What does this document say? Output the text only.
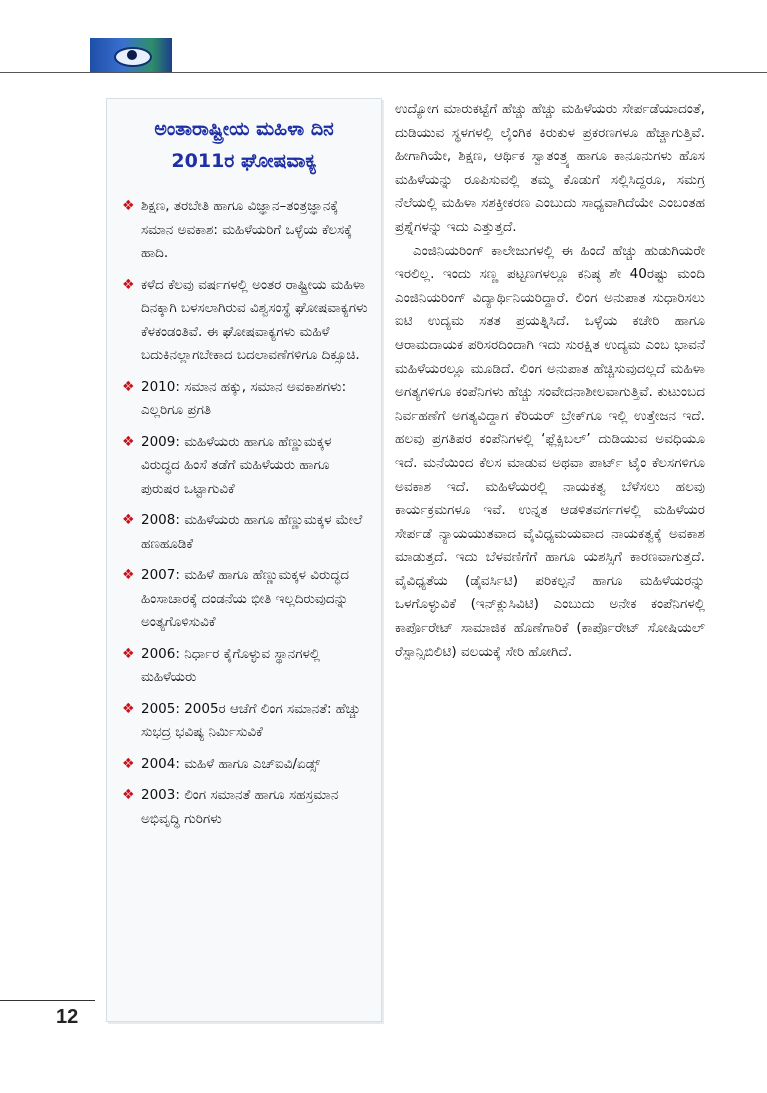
ಅಂತಾರಾಷ್ಟ್ರೀಯ ಮಹಿಳಾ ದಿನ
2011ರ ಘೋಷವಾಕ್ಯ
❖ ಶಿಕ್ಷಣ, ತರಬೇತಿ ಹಾಗೂ ವಿಜ್ಞಾನ–ತಂತ್ರಜ್ಞಾನಕ್ಕೆ ಸಮಾನ ಅವಕಾಶ: ಮಹಿಳೆಯರಿಗೆ ಒಳ್ಳೆಯ ಕೆಲಸಕ್ಕೆ ಹಾದಿ.
❖ ಕಳೆದ ಕೆಲವು ವರ್ಷಗಳಲ್ಲಿ ಅಂತರ ರಾಷ್ಟ್ರೀಯ ಮಹಿಳಾ ದಿನಕ್ಕಾಗಿ ಬಳಸಲಾಗಿರುವ ವಿಶ್ವಸಂಸ್ಥೆ ಘೋಷವಾಕ್ಯಗಳು ಕೆಳಕಂಡಂತಿವೆ. ಈ ಘೋಷವಾಕ್ಯಗಳು ಮಹಿಳೆ ಬದುಕಿನಲ್ಲಾಗಬೇಕಾದ ಬದಲಾವಣೆಗಳಿಗೂ ದಿಕ್ಸೂಚಿ.
❖ 2010: ಸಮಾನ ಹಕ್ಕು, ಸಮಾನ ಅವಕಾಶಗಳು: ಎಲ್ಲರಿಗೂ ಪ್ರಗತಿ
❖ 2009: ಮಹಿಳೆಯರು ಹಾಗೂ ಹೆಣ್ಣುಮಕ್ಕಳ ವಿರುದ್ಧದ ಹಿಂಸೆ ತಡೆಗೆ ಮಹಿಳೆಯರು ಹಾಗೂ ಪುರುಷರ ಒಟ್ಟಾಗುವಿಕೆ
❖ 2008: ಮಹಿಳೆಯರು ಹಾಗೂ ಹೆಣ್ಣುಮಕ್ಕಳ ಮೇಲೆ ಹಣಹೂಡಿಕೆ
❖ 2007: ಮಹಿಳೆ ಹಾಗೂ ಹೆಣ್ಣುಮಕ್ಕಳ ವಿರುದ್ಧದ ಹಿಂಸಾಚಾರಕ್ಕೆ ದಂಡನೆಯ ಭೀತಿ ಇಲ್ಲದಿರುವುದನ್ನು ಅಂತ್ಯಗೊಳಿಸುವಿಕೆ
❖ 2006: ನಿರ್ಧಾರ ಕೈಗೊಳ್ಳುವ ಸ್ಥಾನಗಳಲ್ಲಿ ಮಹಿಳೆಯರು
❖ 2005: 2005ರ ಆಚೆಗೆ ಲಿಂಗ ಸಮಾನತೆ: ಹೆಚ್ಚು ಸುಭದ್ರ ಭವಿಷ್ಯ ನಿರ್ಮಿಸುವಿಕೆ
❖ 2004: ಮಹಿಳೆ ಹಾಗೂ ಎಚ್‌ಐವಿ/ಏಡ್ಸ್
❖ 2003: ಲಿಂಗ ಸಮಾನತೆ ಹಾಗೂ ಸಹಸ್ರಮಾನ ಅಭಿವೃದ್ಧಿ ಗುರಿಗಳು

ಉದ್ಯೋಗ ಮಾರುಕಟ್ಟೆಗೆ ಹೆಚ್ಚು ಹೆಚ್ಚು ಮಹಿಳೆಯರು ಸೇರ್ಪಡೆಯಾದಂತೆ, ದುಡಿಯುವ ಸ್ಥಳಗಳಲ್ಲಿ ಲೈಂಗಿಕ ಕಿರುಕುಳ ಪ್ರಕರಣಗಳೂ ಹೆಚ್ಚಾಗುತ್ತಿವೆ. ಹೀಗಾಗಿಯೇ, ಶಿಕ್ಷಣ, ಆರ್ಥಿಕ ಸ್ವಾತಂತ್ರ್ಯ ಹಾಗೂ ಕಾನೂನುಗಳು ಹೊಸ ಮಹಿಳೆಯನ್ನು ರೂಪಿಸುವಲ್ಲಿ ತಮ್ಮ ಕೊಡುಗೆ ಸಲ್ಲಿಸಿದ್ದರೂ, ಸಮಗ್ರ ನೆಲೆಯಲ್ಲಿ ಮಹಿಳಾ ಸಶಕ್ತೀಕರಣ ಎಂಬುದು ಸಾಧ್ಯವಾಗಿದೆಯೇ ಎಂಬಂತಹ ಪ್ರಶ್ನೆಗಳನ್ನು ಇದು ಎತ್ತುತ್ತದೆ.

ಎಂಜಿನಿಯರಿಂಗ್ ಕಾಲೇಜುಗಳಲ್ಲಿ ಈ ಹಿಂದೆ ಹೆಚ್ಚು ಹುಡುಗಿಯರೇ ಇರಲಿಲ್ಲ. ಇಂದು ಸಣ್ಣ ಪಟ್ಟಣಗಳಲ್ಲೂ ಕನಿಷ್ಠ ಶೇ 40ರಷ್ಟು ಮಂದಿ ಎಂಜಿನಿಯರಿಂಗ್ ವಿದ್ಯಾರ್ಥಿನಿಯರಿದ್ದಾರೆ. ಲಿಂಗ ಅನುಪಾತ ಸುಧಾರಿಸಲು ಐಟಿ ಉದ್ಯಮ ಸತತ ಪ್ರಯತ್ನಿಸಿದೆ. ಒಳ್ಳೆಯ ಕಚೇರಿ ಹಾಗೂ ಆರಾಮದಾಯಕ ಪರಿಸರದಿಂದಾಗಿ ಇದು ಸುರಕ್ಷಿತ ಉದ್ಯಮ ಎಂಬ ಭಾವನೆ ಮಹಿಳೆಯರಲ್ಲೂ ಮೂಡಿದೆ. ಲಿಂಗ ಅನುಪಾತ ಹೆಚ್ಚಿಸುವುದಲ್ಲದೆ ಮಹಿಳಾ ಅಗತ್ಯಗಳಿಗೂ ಕಂಪೆನಿಗಳು ಹೆಚ್ಚು ಸಂವೇದನಾಶೀಲವಾಗುತ್ತಿವೆ. ಕುಟುಂಬದ ನಿರ್ವಹಣೆಗೆ ಅಗತ್ಯವಿದ್ದಾಗ ಕೆರಿಯರ್ ಬ್ರೇಕ್‌ಗೂ ಇಲ್ಲಿ ಉತ್ತೇಜನ ಇದೆ. ಹಲವು ಪ್ರಗತಿಪರ ಕಂಪೆನಿಗಳಲ್ಲಿ ‘ಫ್ಲೆಕ್ಸಿಬಲ್’ ದುಡಿಯುವ ಅವಧಿಯೂ ಇದೆ. ಮನೆಯಿಂದ ಕೆಲಸ ಮಾಡುವ ಅಥವಾ ಪಾರ್ಟ್ ಟೈಂ ಕೆಲಸಗಳಿಗೂ ಅವಕಾಶ ಇದೆ. ಮಹಿಳೆಯರಲ್ಲಿ ನಾಯಕತ್ವ ಬೆಳೆಸಲು ಹಲವು ಕಾರ್ಯಕ್ರಮಗಳೂ ಇವೆ. ಉನ್ನತ ಆಡಳಿತವರ್ಗಗಳಲ್ಲಿ ಮಹಿಳೆಯರ ಸೇರ್ಪಡೆ ನ್ಯಾಯಯುತವಾದ ವೈವಿಧ್ಯಮಯವಾದ ನಾಯಕತ್ವಕ್ಕೆ ಅವಕಾಶ ಮಾಡುತ್ತದೆ. ಇದು ಬೆಳವಣಿಗೆಗೆ ಹಾಗೂ ಯಶಸ್ಸಿಗೆ ಕಾರಣವಾಗುತ್ತದೆ. ವೈವಿಧ್ಯತೆಯ (ಡೈವರ್ಸಿಟಿ) ಪರಿಕಲ್ಪನೆ ಹಾಗೂ ಮಹಿಳೆಯರನ್ನು ಒಳಗೊಳ್ಳುವಿಕೆ (ಇನ್‌ಕ್ಲುಸಿವಿಟಿ) ಎಂಬುದು ಅನೇಕ ಕಂಪೆನಿಗಳಲ್ಲಿ ಕಾರ್ಪೊರೇಟ್ ಸಾಮಾಜಿಕ ಹೊಣೆಗಾರಿಕೆ (ಕಾರ್ಪೊರೇಟ್ ಸೋಷಿಯಲ್ ರೆಸ್ಪಾನ್ಸಿಬಿಲಿಟಿ) ವಲಯಕ್ಕೆ ಸೇರಿ ಹೋಗಿದೆ.

12
